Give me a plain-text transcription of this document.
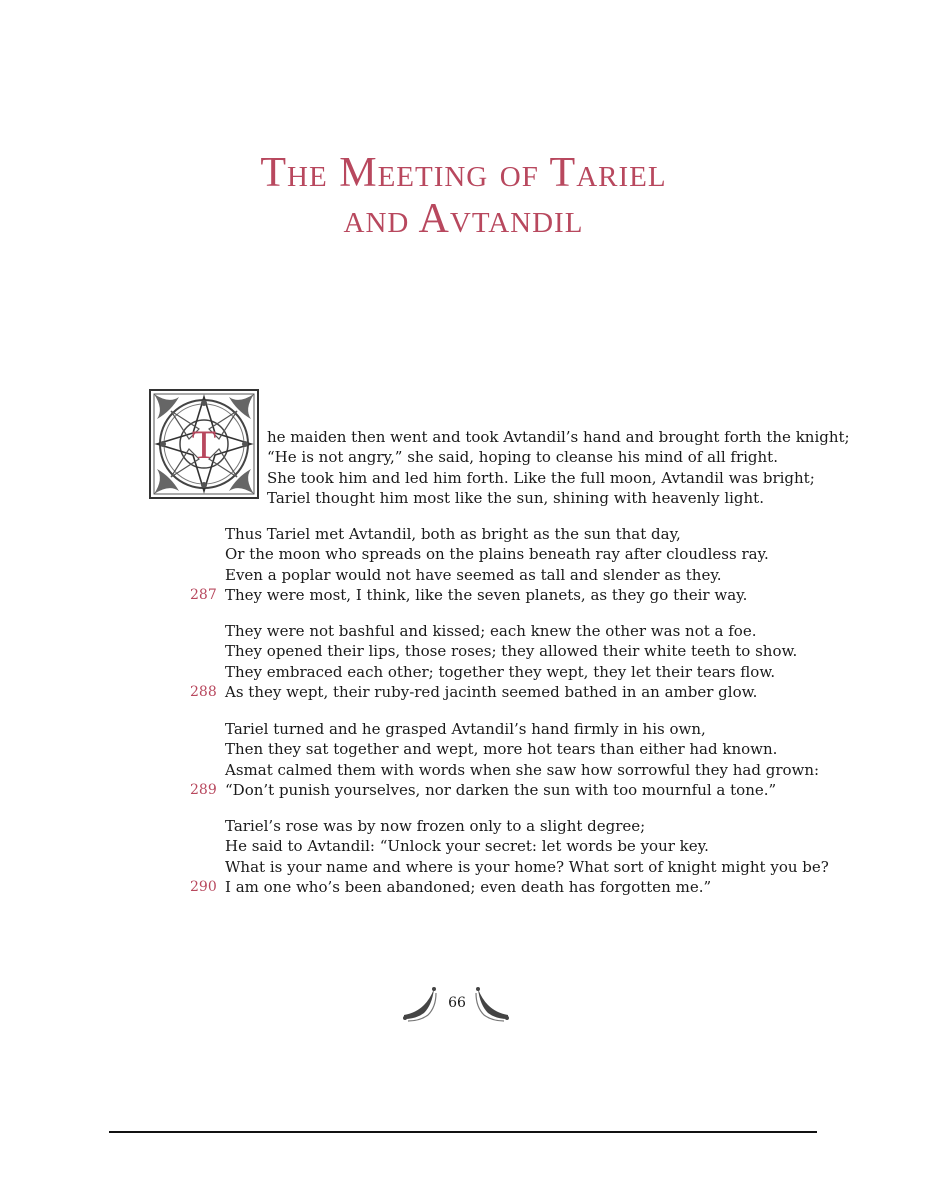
The Meeting of Tariel
and Avtandil
T	he maiden then went and took Avtandil’s hand and brought forth the knight;
“He is not angry,” she said, hoping to cleanse his mind of all fright.
She took him and led him forth. Like the full moon, Avtandil was bright;
Tariel thought him most like the sun, shining with heavenly light.
Thus Tariel met Avtandil, both as bright as the sun that day,
Or the moon who spreads on the plains beneath ray after cloudless ray.
Even a poplar would not have seemed as tall and slender as they.
287 They were most, I think, like the seven planets, as they go their way.
They were not bashful and kissed; each knew the other was not a foe.
They opened their lips, those roses; they allowed their white teeth to show.
They embraced each other; together they wept, they let their tears flow.
288 As they wept, their ruby-red jacinth seemed bathed in an amber glow.
Tariel turned and he grasped Avtandil’s hand firmly in his own,
Then they sat together and wept, more hot tears than either had known.
Asmat calmed them with words when she saw how sorrowful they had grown:
289 “Don’t punish yourselves, nor darken the sun with too mournful a tone.”
Tariel’s rose was by now frozen only to a slight degree;
He said to Avtandil: “Unlock your secret: let words be your key.
What is your name and where is your home? What sort of knight might you be?
290 I am one who’s been abandoned; even death has forgotten me.”
66
